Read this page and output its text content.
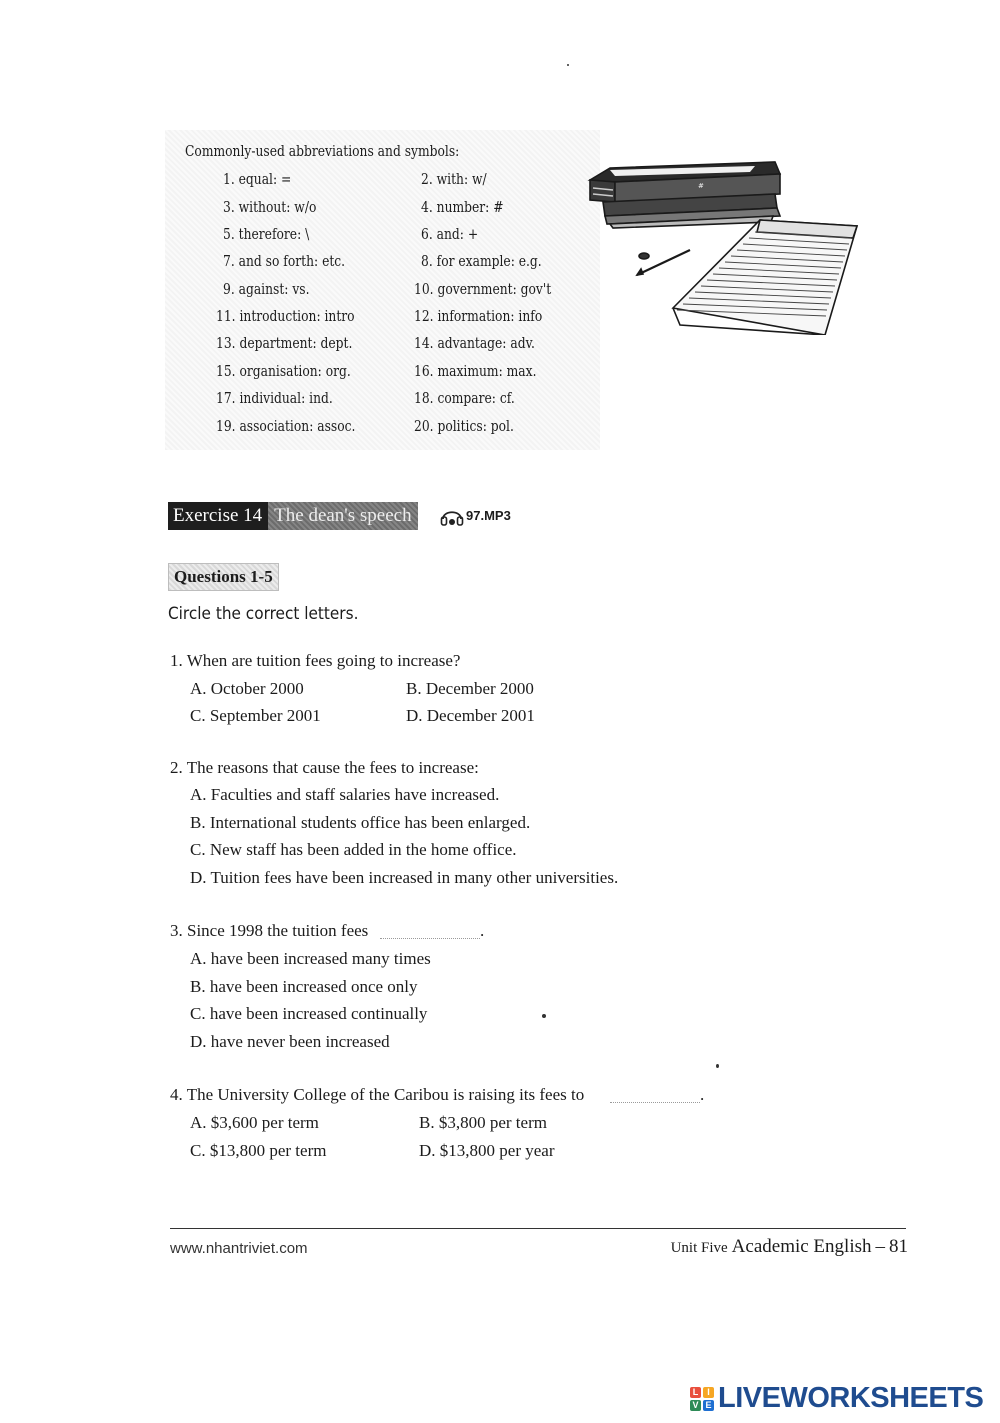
Commonly-used abbreviations and symbols:
1. equal: =	2. with: w/
3. without: w/o	4. number: #
5. therefore: \	6. and: +
7. and so forth: etc.	8. for example: e.g.
9. against: vs.	10. government: gov't
11. introduction: intro	12. information: info
13. department: dept.	14. advantage: adv.
15. organisation: org.	16. maximum: max.
17. individual: ind.	18. compare: cf.
19. association: assoc.	20. politics: pol.
#
Exercise 14 The dean's speech	97.MP3
Questions 1-5
Circle the correct letters.
1. When are tuition fees going to increase?
A. October 2000	B. December 2000
C. September 2001	D. December 2001
2. The reasons that cause the fees to increase:
A. Faculties and staff salaries have increased.
B. International students office has been enlarged.
C. New staff has been added in the home office.
D. Tuition fees have been increased in many other universities.
3. Since 1998 the tuition fees	.
A. have been increased many times
B. have been increased once only
C. have been increased continually
D. have never been increased
4. The University College of the Caribou is raising its fees to	.
A. $3,600 per term	B. $3,800 per term
C. $13,800 per term	D. $13,800 per year
www.nhantriviet.com	Unit Five Academic English – 81
L I
V E LIVEWORKSHEETS
